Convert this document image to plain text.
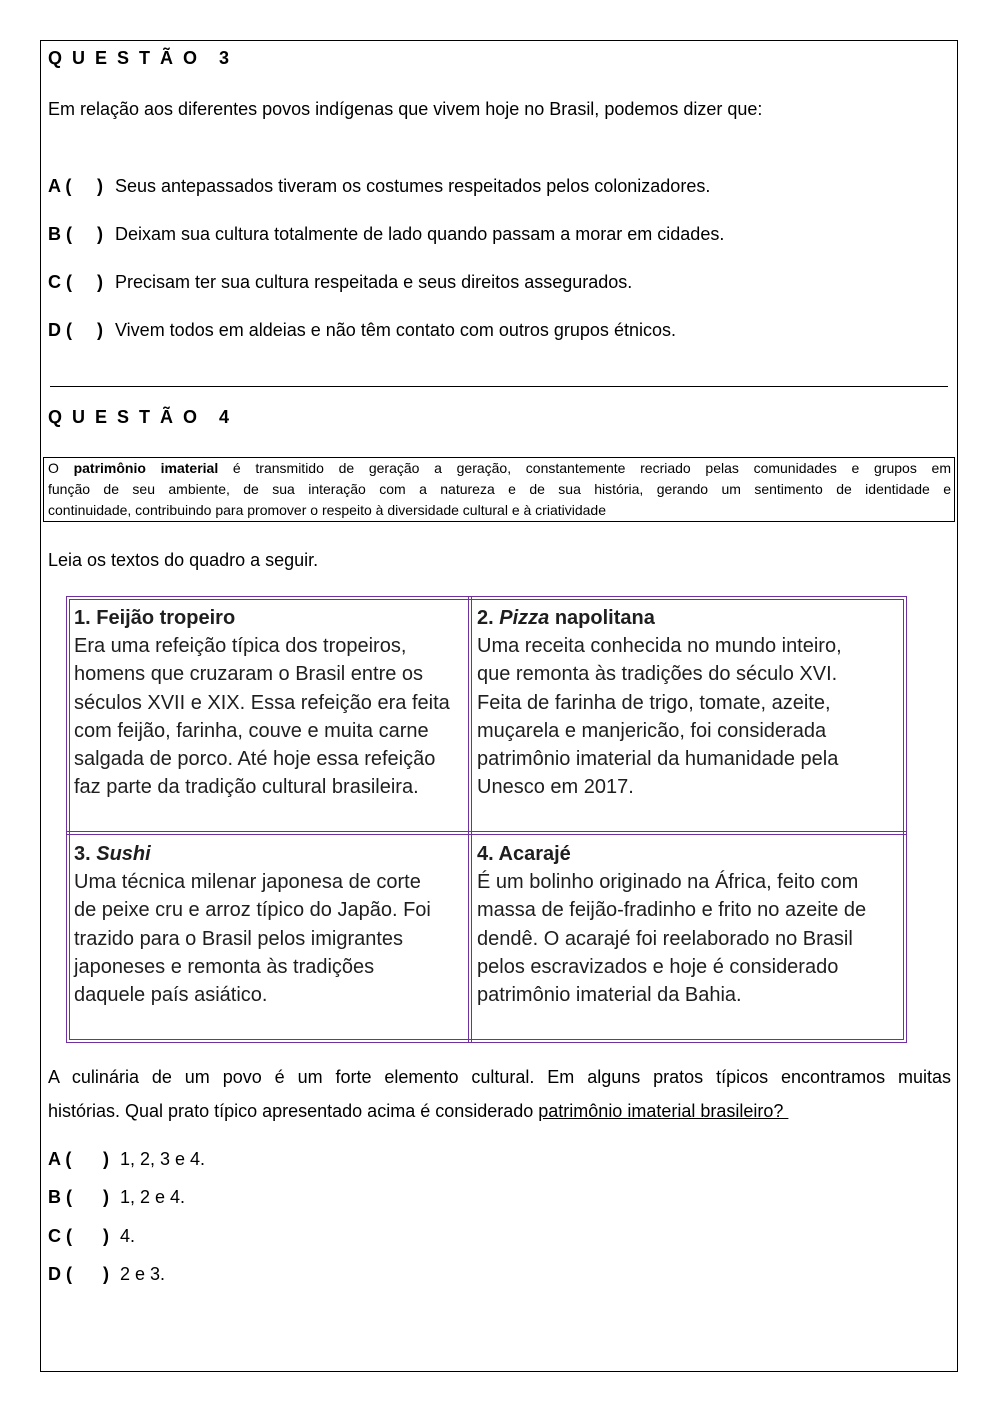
QUESTÃO 3
Em relação aos diferentes povos indígenas que vivem hoje no Brasil, podemos dizer que:
A ( ) Seus antepassados tiveram os costumes respeitados pelos colonizadores.
B ( ) Deixam sua cultura totalmente de lado quando passam a morar em cidades.
C ( ) Precisam ter sua cultura respeitada e seus direitos assegurados.
D ( ) Vivem todos em aldeias e não têm contato com outros grupos étnicos.
QUESTÃO 4
O patrimônio imaterial é transmitido de geração a geração, constantemente recriado pelas comunidades e grupos em
função de seu ambiente, de sua interação com a natureza e de sua história, gerando um sentimento de identidade e
continuidade, contribuindo para promover o respeito à diversidade cultural e à criatividade
Leia os textos do quadro a seguir.
1. Feijão tropeiro
Era uma refeição típica dos tropeiros,
homens que cruzaram o Brasil entre os
séculos XVII e XIX. Essa refeição era feita
com feijão, farinha, couve e muita carne
salgada de porco. Até hoje essa refeição
faz parte da tradição cultural brasileira.
2. Pizza napolitana
Uma receita conhecida no mundo inteiro,
que remonta às tradições do século XVI.
Feita de farinha de trigo, tomate, azeite,
muçarela e manjericão, foi considerada
patrimônio imaterial da humanidade pela
Unesco em 2017.
3. Sushi
Uma técnica milenar japonesa de corte
de peixe cru e arroz típico do Japão. Foi
trazido para o Brasil pelos imigrantes
japoneses e remonta às tradições
daquele país asiático.
4. Acarajé
É um bolinho originado na África, feito com
massa de feijão-fradinho e frito no azeite de
dendê. O acarajé foi reelaborado no Brasil
pelos escravizados e hoje é considerado
patrimônio imaterial da Bahia.
A culinária de um povo é um forte elemento cultural. Em alguns pratos típicos encontramos muitas
histórias. Qual prato típico apresentado acima é considerado patrimônio imaterial brasileiro?
A ( ) 1, 2, 3 e 4.
B ( ) 1, 2 e 4.
C ( ) 4.
D ( ) 2 e 3.
